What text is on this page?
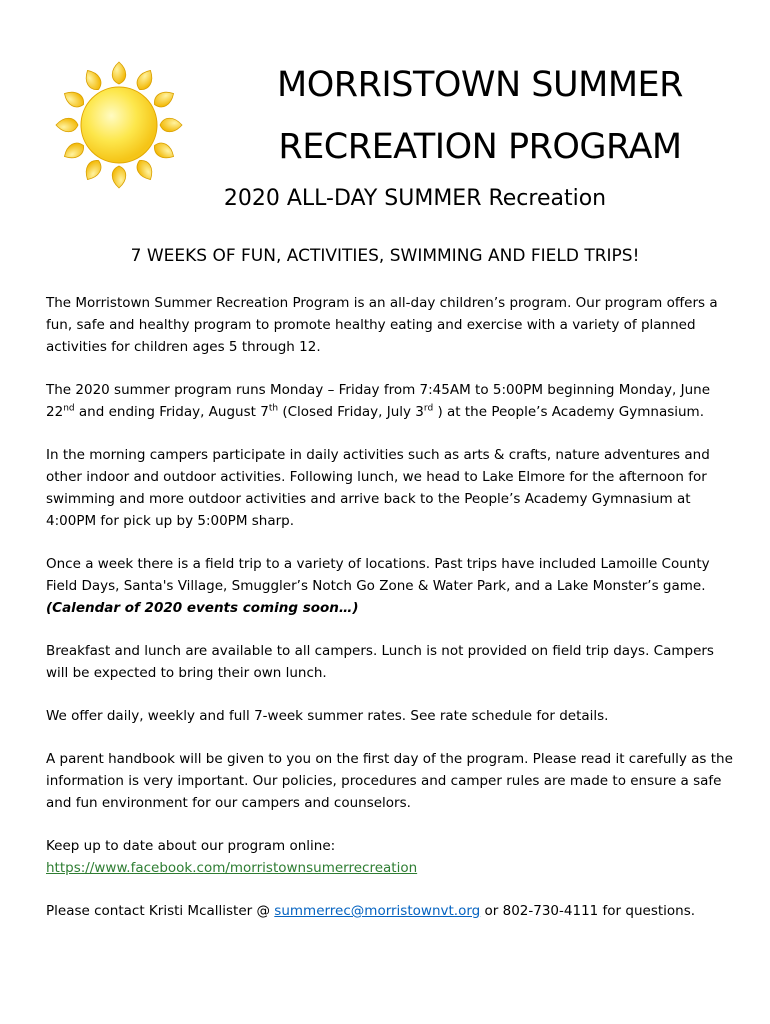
MORRISTOWN SUMMER
RECREATION PROGRAM
2020 ALL-DAY SUMMER Recreation
7 WEEKS OF FUN, ACTIVITIES, SWIMMING AND FIELD TRIPS!

The Morristown Summer Recreation Program is an all-day children’s program. Our program offers a fun, safe and healthy program to promote healthy eating and exercise with a variety of planned activities for children ages 5 through 12.

The 2020 summer program runs Monday – Friday from 7:45AM to 5:00PM beginning Monday, June 22nd and ending Friday, August 7th (Closed Friday, July 3rd ) at the People’s Academy Gymnasium.

In the morning campers participate in daily activities such as arts & crafts, nature adventures and other indoor and outdoor activities. Following lunch, we head to Lake Elmore for the afternoon for swimming and more outdoor activities and arrive back to the People’s Academy Gymnasium at 4:00PM for pick up by 5:00PM sharp.

Once a week there is a field trip to a variety of locations. Past trips have included Lamoille County Field Days, Santa's Village, Smuggler’s Notch Go Zone & Water Park, and a Lake Monster’s game. (Calendar of 2020 events coming soon…)

Breakfast and lunch are available to all campers. Lunch is not provided on field trip days. Campers will be expected to bring their own lunch.

We offer daily, weekly and full 7-week summer rates. See rate schedule for details.

A parent handbook will be given to you on the first day of the program. Please read it carefully as the information is very important. Our policies, procedures and camper rules are made to ensure a safe and fun environment for our campers and counselors.

Keep up to date about our program online:
https://www.facebook.com/morristownsumerrecreation

Please contact Kristi Mcallister @ summerrec@morristownvt.org or 802-730-4111 for questions.
